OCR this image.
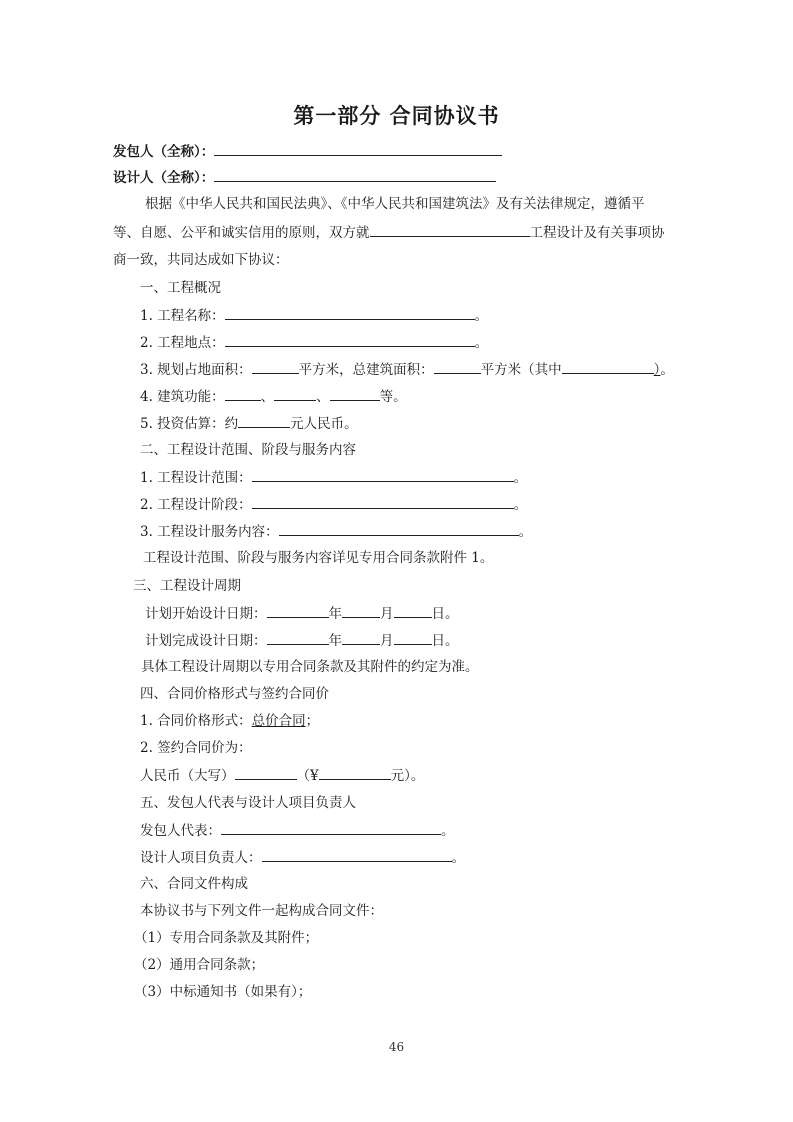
第一部分 合同协议书
发包人（全称）：
设计人（全称）：
根据《中华人民共和国民法典》、《中华人民共和国建筑法》及有关法律规定，遵循平
等、自愿、公平和诚实信用的原则，双方就	工程设计及有关事项协
商一致，共同达成如下协议：
一、工程概况
1. 工程名称：	。
2. 工程地点：	。
3. 规划占地面积：	平方米，总建筑面积：	平方米（其中	）。
4. 建筑功能：	、	、	等。
5. 投资估算：约	元人民币。
二、工程设计范围、阶段与服务内容
1. 工程设计范围：	。
2. 工程设计阶段：	。
3. 工程设计服务内容：	。
工程设计范围、阶段与服务内容详见专用合同条款附件 1。
三、工程设计周期
计划开始设计日期：	年	月	日。
计划完成设计日期：	年	月	日。
具体工程设计周期以专用合同条款及其附件的约定为准。
四、合同价格形式与签约合同价
1. 合同价格形式：总价合同；
2. 签约合同价为：
人民币（大写）	（¥	元）。
五、发包人代表与设计人项目负责人
发包人代表：	。
设计人项目负责人：	。
六、合同文件构成
本协议书与下列文件一起构成合同文件：
（1）专用合同条款及其附件；
（2）通用合同条款；
（3）中标通知书（如果有）；
46
